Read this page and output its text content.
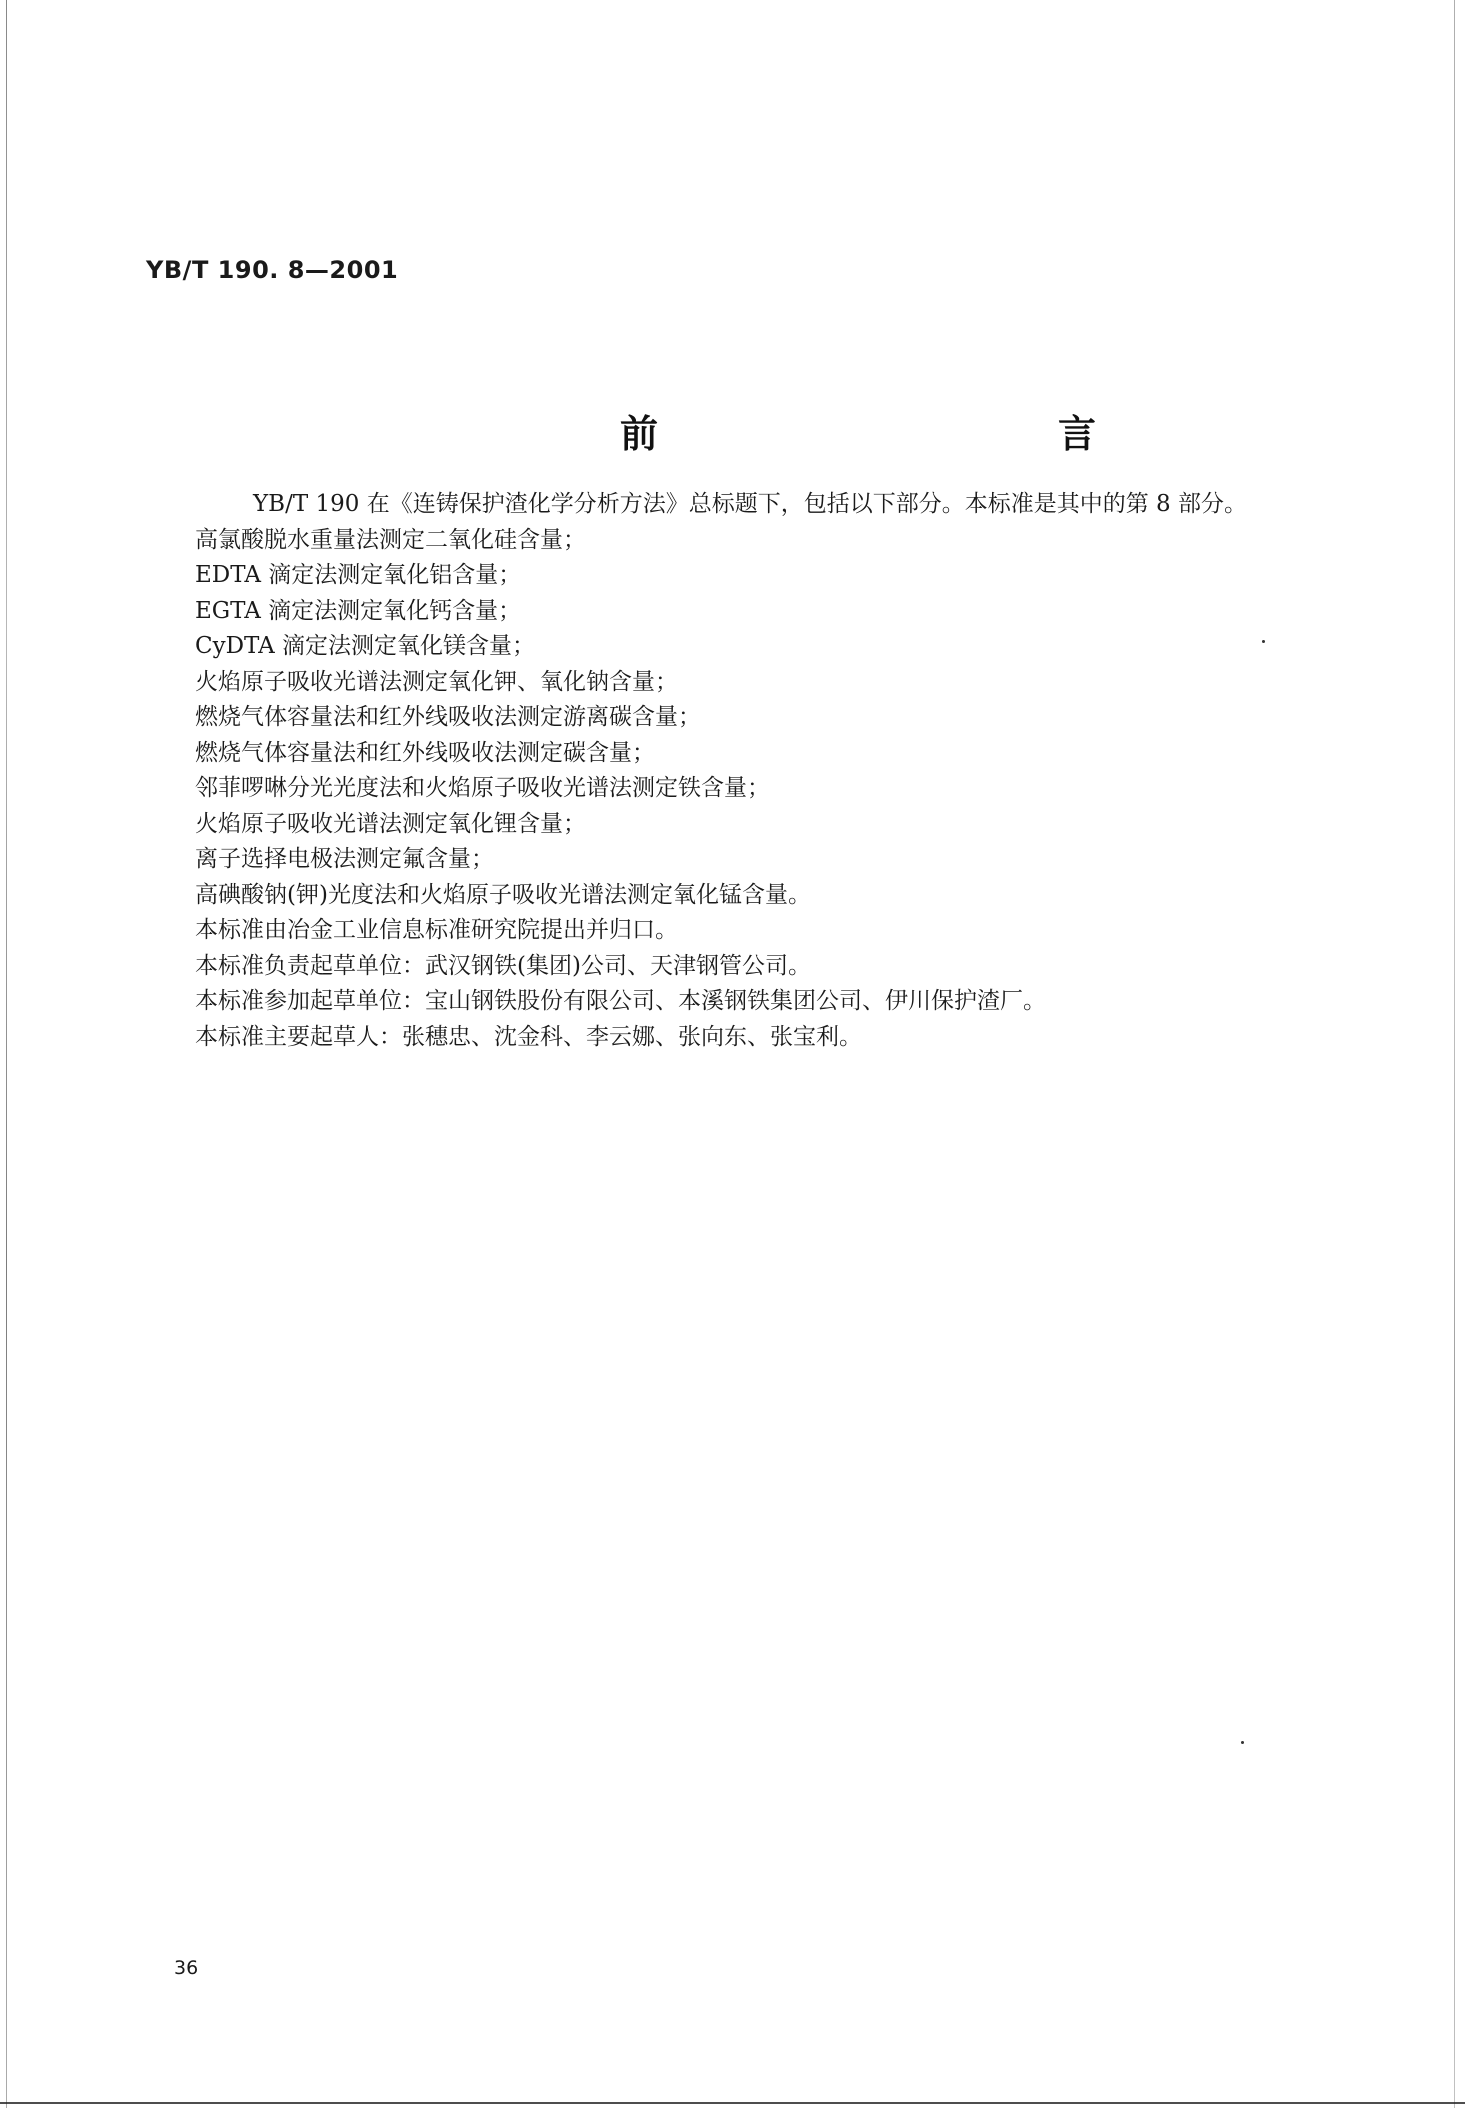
YB/T 190. 8—2001
前　　言

YB/T 190 在《连铸保护渣化学分析方法》总标题下，包括以下部分。本标准是其中的第 8 部分。

高氯酸脱水重量法测定二氧化硅含量；

EDTA 滴定法测定氧化铝含量；

EGTA 滴定法测定氧化钙含量；

CyDTA 滴定法测定氧化镁含量；

火焰原子吸收光谱法测定氧化钾、氧化钠含量；

燃烧气体容量法和红外线吸收法测定游离碳含量；

燃烧气体容量法和红外线吸收法测定碳含量；

邻菲啰啉分光光度法和火焰原子吸收光谱法测定铁含量；

火焰原子吸收光谱法测定氧化锂含量；

离子选择电极法测定氟含量；

高碘酸钠(钾)光度法和火焰原子吸收光谱法测定氧化锰含量。

本标准由冶金工业信息标准研究院提出并归口。

本标准负责起草单位：武汉钢铁(集团)公司、天津钢管公司。

本标准参加起草单位：宝山钢铁股份有限公司、本溪钢铁集团公司、伊川保护渣厂。

本标准主要起草人：张穗忠、沈金科、李云娜、张向东、张宝利。

36
